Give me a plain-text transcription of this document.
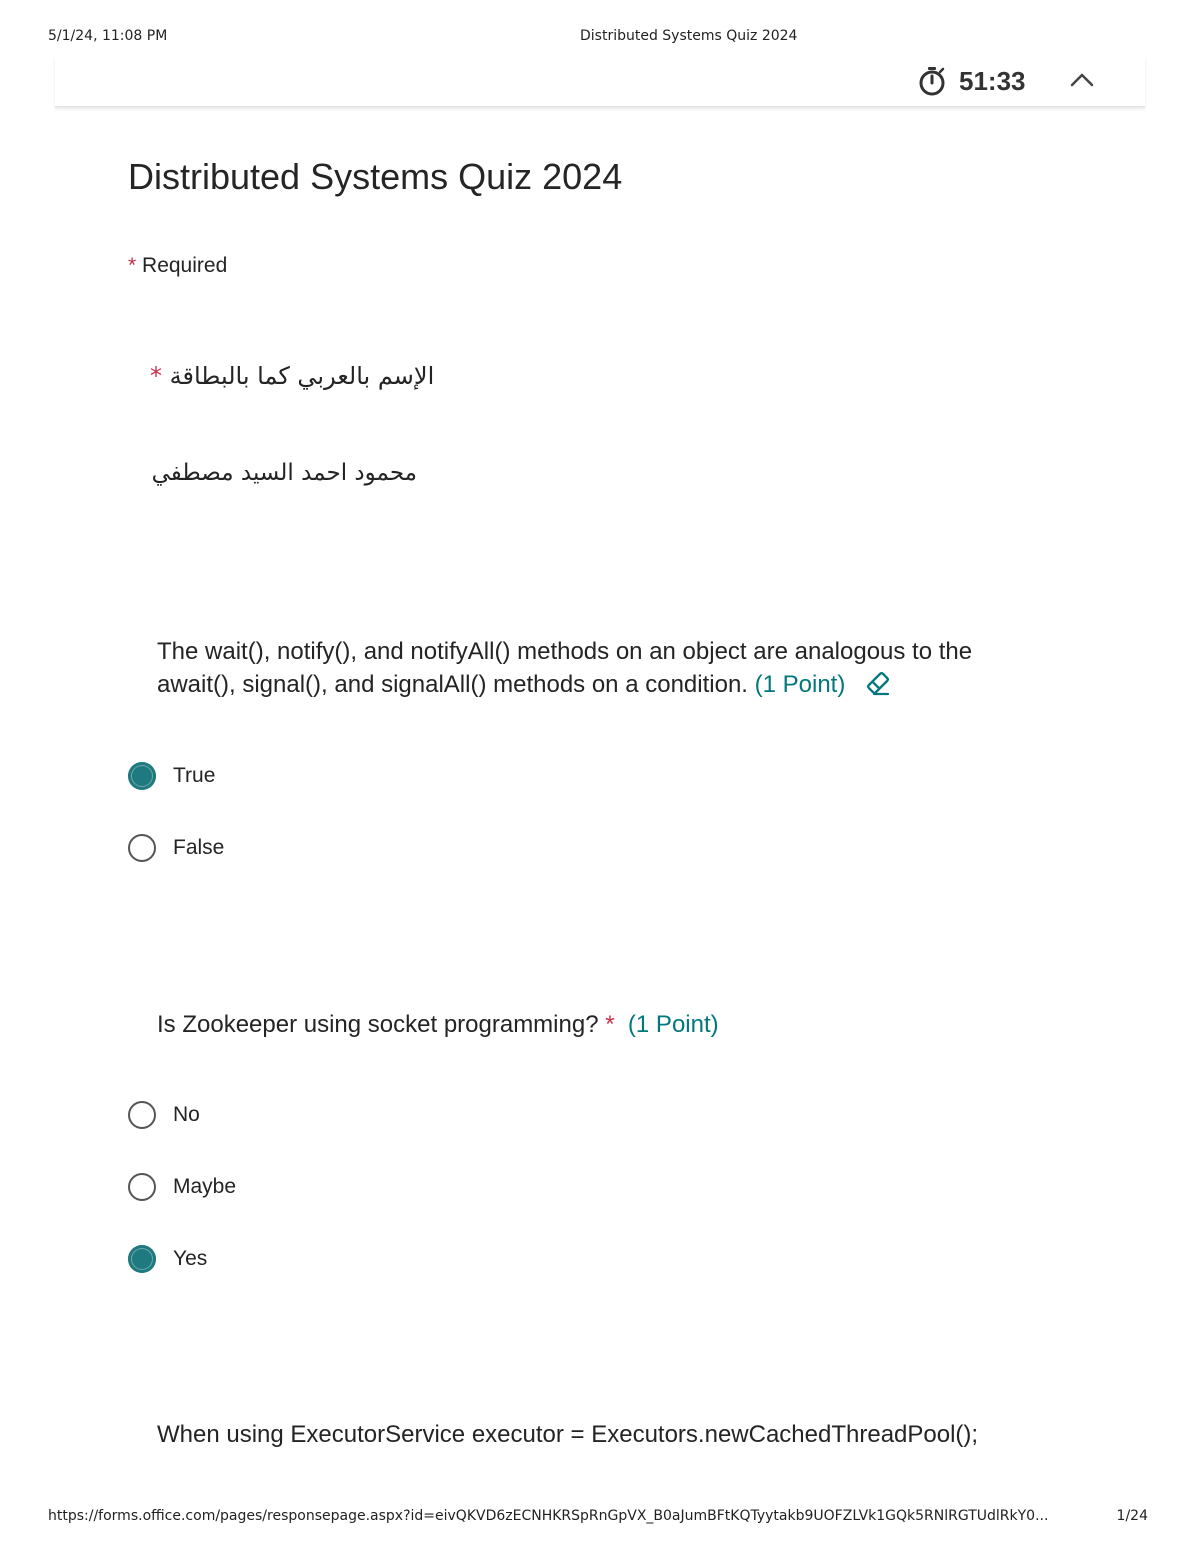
5/1/24, 11:08 PM	Distributed Systems Quiz 2024
51:33
Distributed Systems Quiz 2024
* Required
الإسم بالعربي كما بالبطاقة *
محمود احمد السيد مصطفي
The wait(), notify(), and notifyAll() methods on an object are analogous to the await(), signal(), and signalAll() methods on a condition. (1 Point)
True
False
Is Zookeeper using socket programming? * (1 Point)
No
Maybe
Yes
When using ExecutorService executor = Executors.newCachedThreadPool();
https://forms.office.com/pages/responsepage.aspx?id=eivQKVD6zECNHKRSpRnGpVX_B0aJumBFtKQTyytakb9UOFZLVk1GQk5RNlRGTUdlRkY0...	1/24
